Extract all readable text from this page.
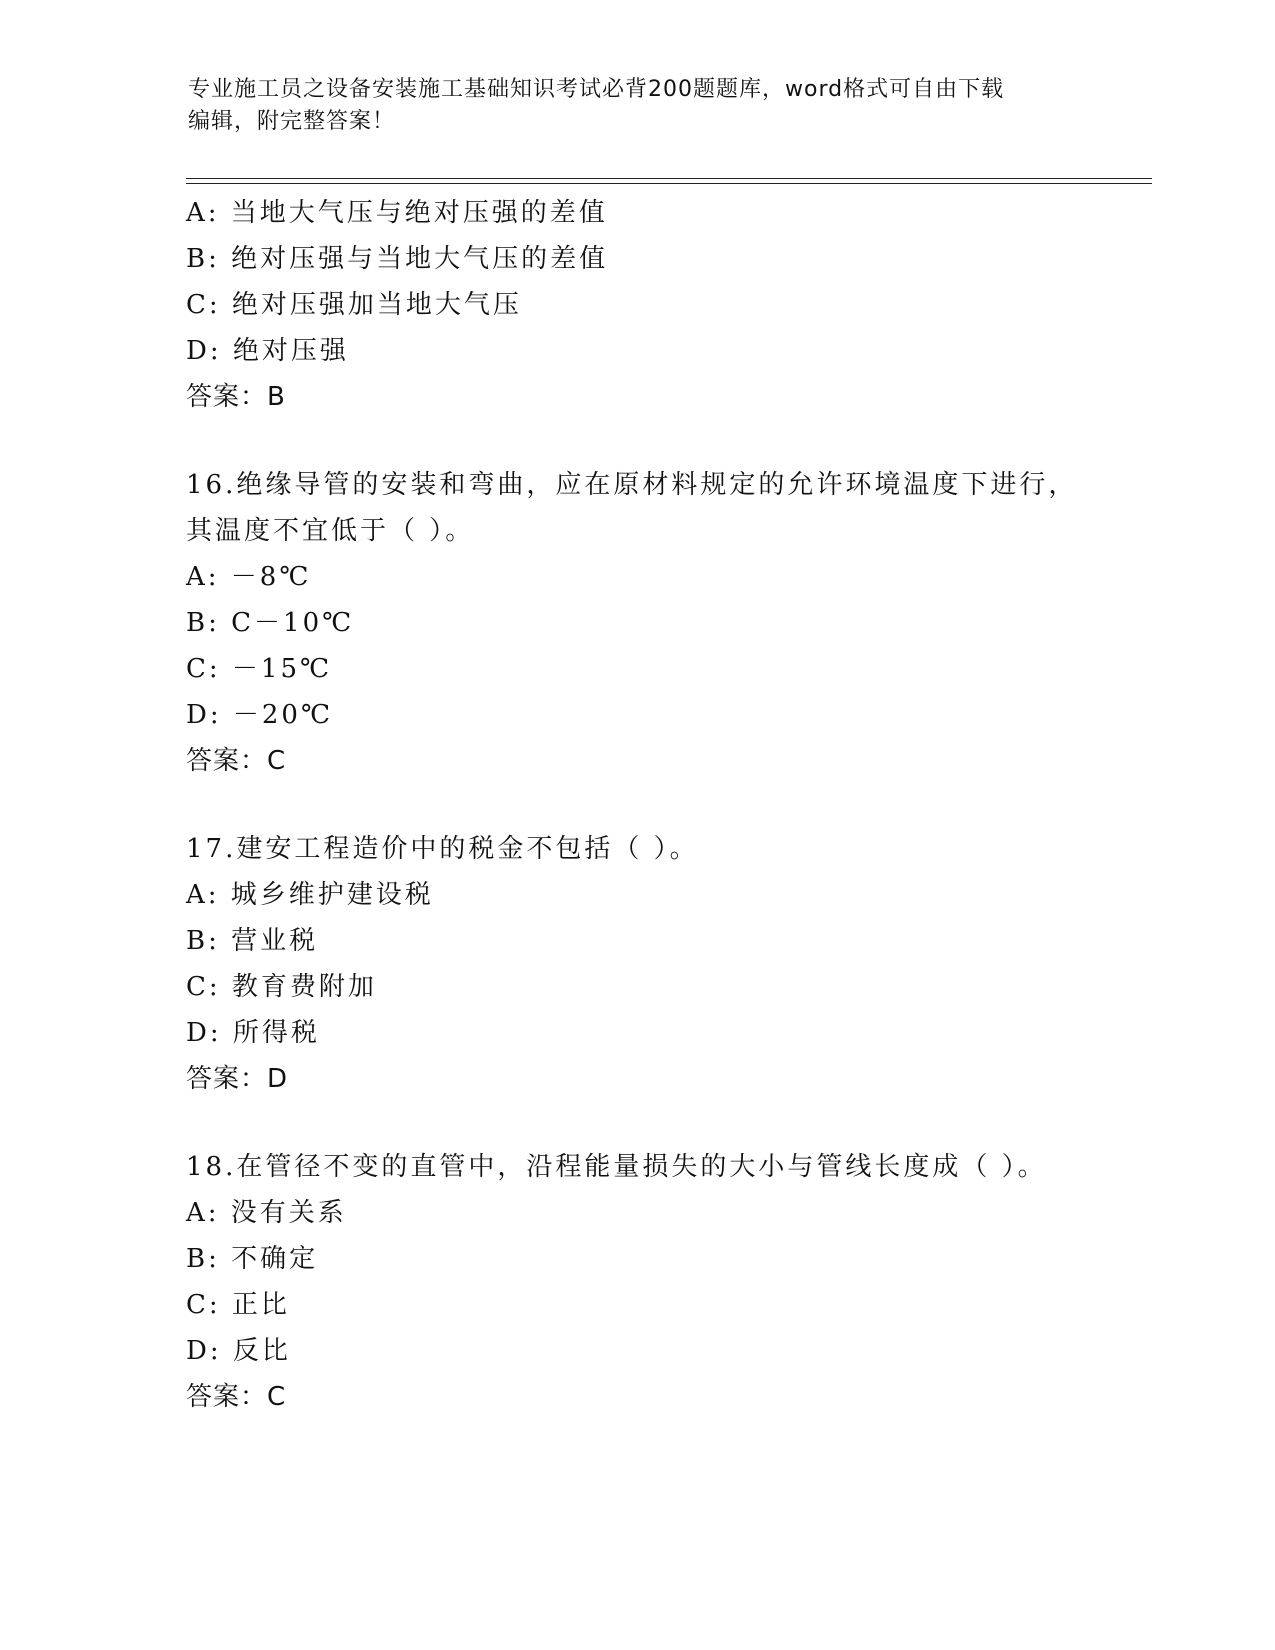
专业施工员之设备安装施工基础知识考试必背200题题库，word格式可自由下载
编辑，附完整答案！
A: 当地大气压与绝对压强的差值
B: 绝对压强与当地大气压的差值
C: 绝对压强加当地大气压
D: 绝对压强
答案：B
16.绝缘导管的安装和弯曲，应在原材料规定的允许环境温度下进行，
其温度不宜低于（ ）。
A: －8℃
B: C－10℃
C: －15℃
D: －20℃
答案：C
17.建安工程造价中的税金不包括（ ）。
A: 城乡维护建设税
B: 营业税
C: 教育费附加
D: 所得税
答案：D
18.在管径不变的直管中，沿程能量损失的大小与管线长度成（ ）。
A: 没有关系
B: 不确定
C: 正比
D: 反比
答案：C
